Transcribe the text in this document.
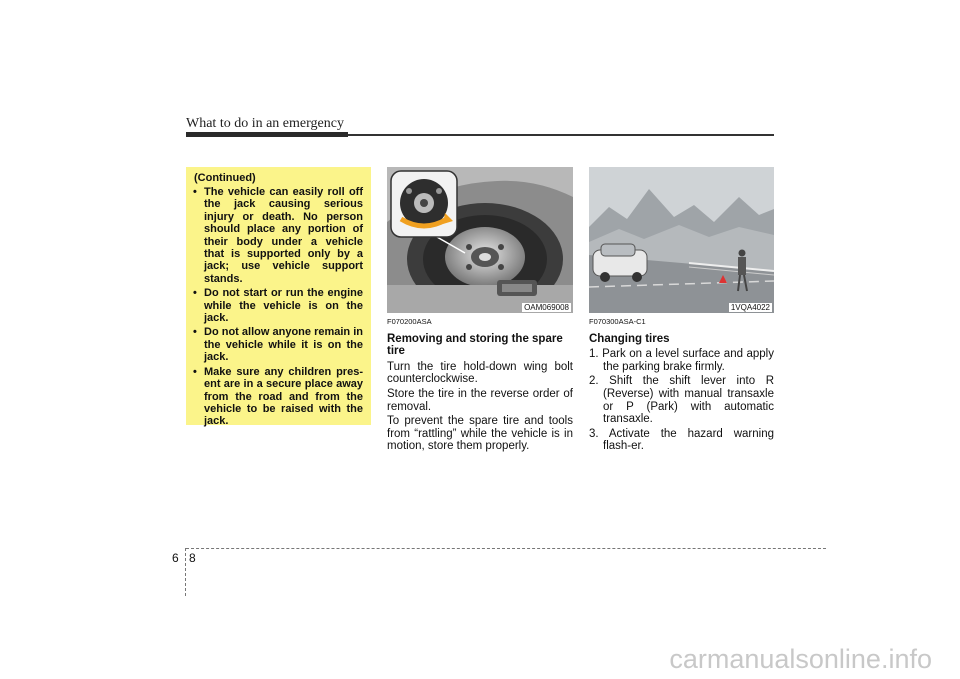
What to do in an emergency
(Continued)
• The vehicle can easily roll off the jack causing serious injury or death. No person should place any portion of their body under a vehicle that is supported only by a jack; use vehicle support stands.
• Do not start or run the engine while the vehicle is on the jack.
• Do not allow anyone remain in the vehicle while it is on the jack.
• Make sure any children pres-ent are in a secure place away from the road and from the vehicle to be raised with the jack.
OAM069008	1VQA4022
F070200ASA
Removing and storing the spare tire

Turn the tire hold-down wing bolt counterclockwise.

Store the tire in the reverse order of removal.

To prevent the spare tire and tools from “rattling” while the vehicle is in motion, store them properly.

F070300ASA-C1
Changing tires

1. Park on a level surface and apply the parking brake firmly.

2. Shift the shift lever into R (Reverse) with manual transaxle or P (Park) with automatic transaxle.

3. Activate the hazard warning flash-er.

6 8
carmanualsonline.info
